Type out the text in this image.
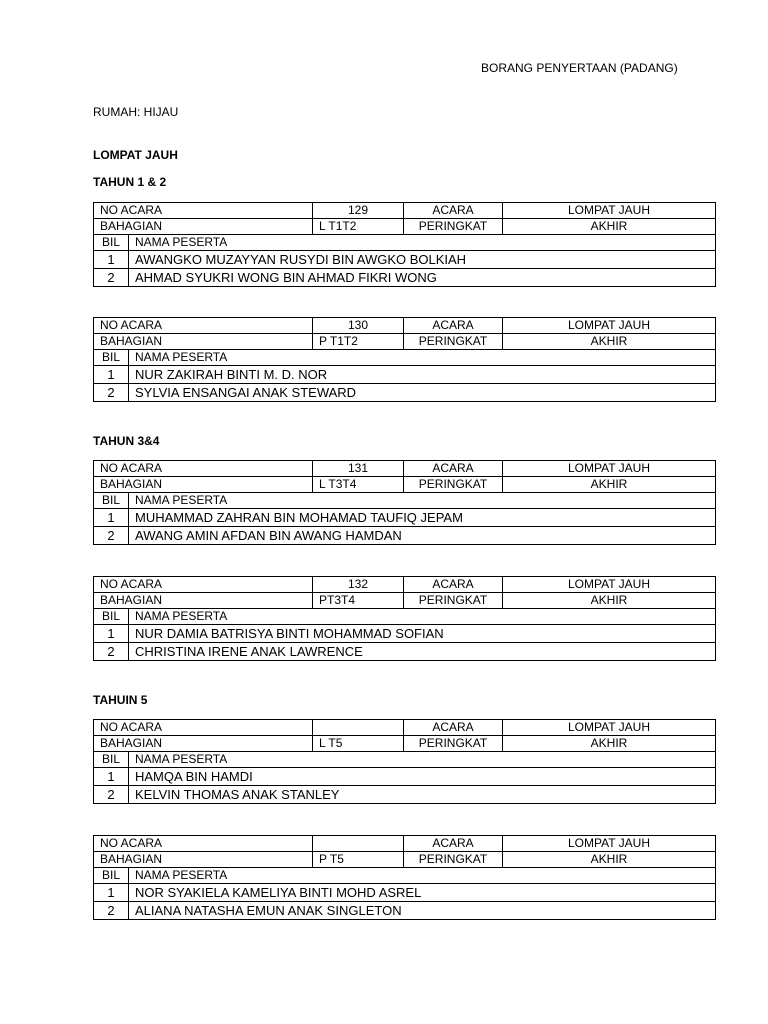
BORANG PENYERTAAN (PADANG)
RUMAH: HIJAU
LOMPAT JAUH
TAHUN 1 & 2
NO ACARA		129	ACARA	LOMPAT JAUH
BAHAGIAN		L T1T2	PERINGKAT	AKHIR
BIL	NAMA PESERTA			
1	AWANGKO MUZAYYAN RUSYDI BIN AWGKO BOLKIAH			
2	AHMAD SYUKRI WONG BIN AHMAD FIKRI WONG			
NO ACARA		130	ACARA	LOMPAT JAUH
BAHAGIAN		P T1T2	PERINGKAT	AKHIR
BIL	NAMA PESERTA			
1	NUR ZAKIRAH BINTI M. D. NOR			
2	SYLVIA ENSANGAI ANAK STEWARD			
TAHUN 3&4
NO ACARA		131	ACARA	LOMPAT JAUH
BAHAGIAN		L T3T4	PERINGKAT	AKHIR
BIL	NAMA PESERTA			
1	MUHAMMAD ZAHRAN BIN MOHAMAD TAUFIQ JEPAM			
2	AWANG AMIN AFDAN BIN AWANG HAMDAN			
NO ACARA		132	ACARA	LOMPAT JAUH
BAHAGIAN		PT3T4	PERINGKAT	AKHIR
BIL	NAMA PESERTA			
1	NUR DAMIA BATRISYA BINTI MOHAMMAD SOFIAN			
2	CHRISTINA IRENE ANAK LAWRENCE			
TAHUIN 5
NO ACARA			ACARA	LOMPAT JAUH
BAHAGIAN		L T5	PERINGKAT	AKHIR
BIL	NAMA PESERTA			
1	HAMQA BIN HAMDI			
2	KELVIN THOMAS ANAK STANLEY			
NO ACARA			ACARA	LOMPAT JAUH
BAHAGIAN		P T5	PERINGKAT	AKHIR
BIL	NAMA PESERTA			
1	NOR SYAKIELA KAMELIYA BINTI MOHD ASREL			
2	ALIANA NATASHA EMUN ANAK SINGLETON			
